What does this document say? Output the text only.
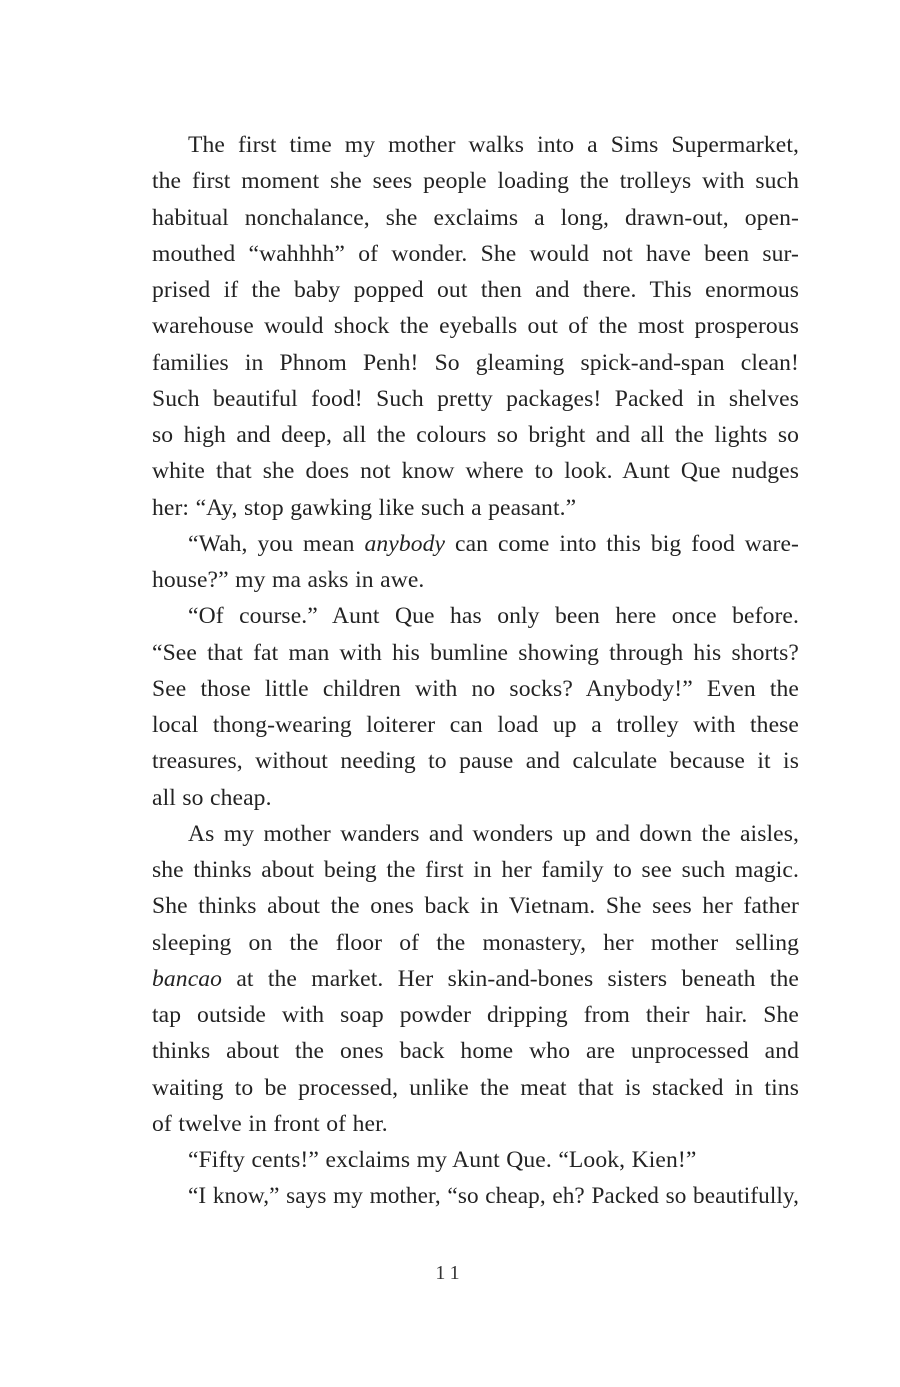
The first time my mother walks into a Sims Supermarket,
the first moment she sees people loading the trolleys with such
habitual nonchalance, she exclaims a long, drawn-out, open-
mouthed “wahhhh” of wonder. She would not have been sur-
prised if the baby popped out then and there. This enormous
warehouse would shock the eyeballs out of the most prosperous
families in Phnom Penh! So gleaming spick-and-span clean!
Such beautiful food! Such pretty packages! Packed in shelves
so high and deep, all the colours so bright and all the lights so
white that she does not know where to look. Aunt Que nudges
her: “Ay, stop gawking like such a peasant.”
“Wah, you mean anybody can come into this big food ware-
house?” my ma asks in awe.
“Of course.” Aunt Que has only been here once before.
“See that fat man with his bumline showing through his shorts?
See those little children with no socks? Anybody!” Even the
local thong-wearing loiterer can load up a trolley with these
treasures, without needing to pause and calculate because it is
all so cheap.
As my mother wanders and wonders up and down the aisles,
she thinks about being the first in her family to see such magic.
She thinks about the ones back in Vietnam. She sees her father
sleeping on the floor of the monastery, her mother selling
bancao at the market. Her skin-and-bones sisters beneath the
tap outside with soap powder dripping from their hair. She
thinks about the ones back home who are unprocessed and
waiting to be processed, unlike the meat that is stacked in tins
of twelve in front of her.
“Fifty cents!” exclaims my Aunt Que. “Look, Kien!”
“I know,” says my mother, “so cheap, eh? Packed so beautifully,
11
